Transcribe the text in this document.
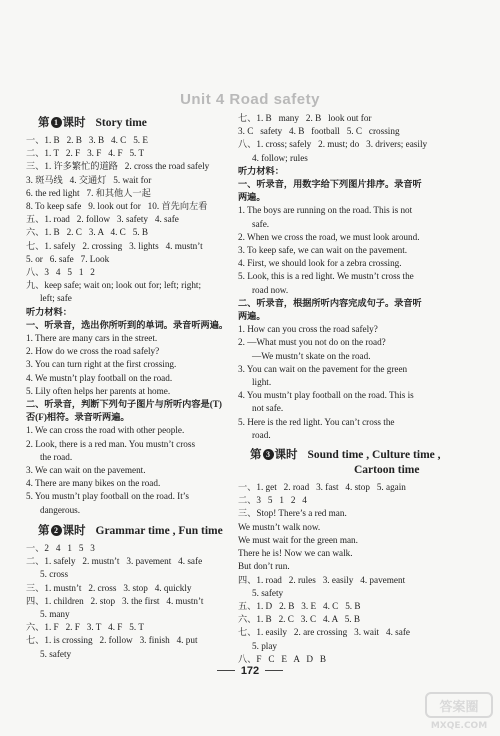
Unit 4 Road safety
第 1 课时 Story time
一、1. B   2. B   3. B   4. C   5. E
二、1. T   2. F   3. F   4. F   5. T
三、1. 许多繁忙的道路   2. cross the road safely
3. 斑马线   4. 交通灯   5. wait for
6. the red light   7. 和其他人一起
8. To keep safe   9. look out for   10. 首先向左看
五、1. road   2. follow   3. safety   4. safe
六、1. B   2. C   3. A   4. C   5. B
七、1. safely   2. crossing   3. lights   4. mustn’t
5. or   6. safe   7. Look
八、3   4   5   1   2
九、keep safe; wait on; look out for; left; right;
left; safe
听力材料：
一、听录音，选出你所听到的单词。录音听两遍。
1. There are many cars in the street.
2. How do we cross the road safely?
3. You can turn right at the first crossing.
4. We mustn’t play football on the road.
5. Lily often helps her parents at home.
二、听录音，判断下列句子图片与所听内容是(T)
否(F)相符。录音听两遍。
1. We can cross the road with other people.
2. Look, there is a red man. You mustn’t cross
the road.
3. We can wait on the pavement.
4. There are many bikes on the road.
5. You mustn’t play football on the road. It’s
dangerous.
第 2 课时 Grammar time , Fun time
一、2   4   1   5   3
二、1. safely   2. mustn’t   3. pavement   4. safe
5. cross
三、1. mustn’t   2. cross   3. stop   4. quickly
四、1. children   2. stop   3. the first   4. mustn’t
5. many
六、1. F   2. F   3. T   4. F   5. T
七、1. is crossing   2. follow   3. finish   4. put
5. safety
七、1. B   many   2. B   look out for
3. C   safety   4. B   football   5. C   crossing
八、1. cross; safely   2. must; do   3. drivers; easily
4. follow; rules
听力材料：
一、听录音，用数字给下列图片排序。录音听
两遍。
1. The boys are running on the road. This is not
safe.
2. When we cross the road, we must look around.
3. To keep safe, we can wait on the pavement.
4. First, we should look for a zebra crossing.
5. Look, this is a red light. We mustn’t cross the
road now.
二、听录音，根据所听内容完成句子。录音听
两遍。
1. How can you cross the road safely?
2. —What must you not do on the road?
—We mustn’t skate on the road.
3. You can wait on the pavement for the green
light.
4. You mustn’t play football on the road. This is
not safe.
5. Here is the red light. You can’t cross the
road.
第 3 课时 Sound time , Culture time ,
Cartoon time
一、1. get   2. road   3. fast   4. stop   5. again
二、3   5   1   2   4
三、Stop! There’s a red man.
We mustn’t walk now.
We must wait for the green man.
There he is! Now we can walk.
But don’t run.
四、1. road   2. rules   3. easily   4. pavement
5. safety
五、1. D   2. B   3. E   4. C   5. B
六、1. B   2. C   3. C   4. A   5. B
七、1. easily   2. are crossing   3. wait   4. safe
5. play
八、F   C   E   A   D   B
172
答案圈
MXQE.COM
